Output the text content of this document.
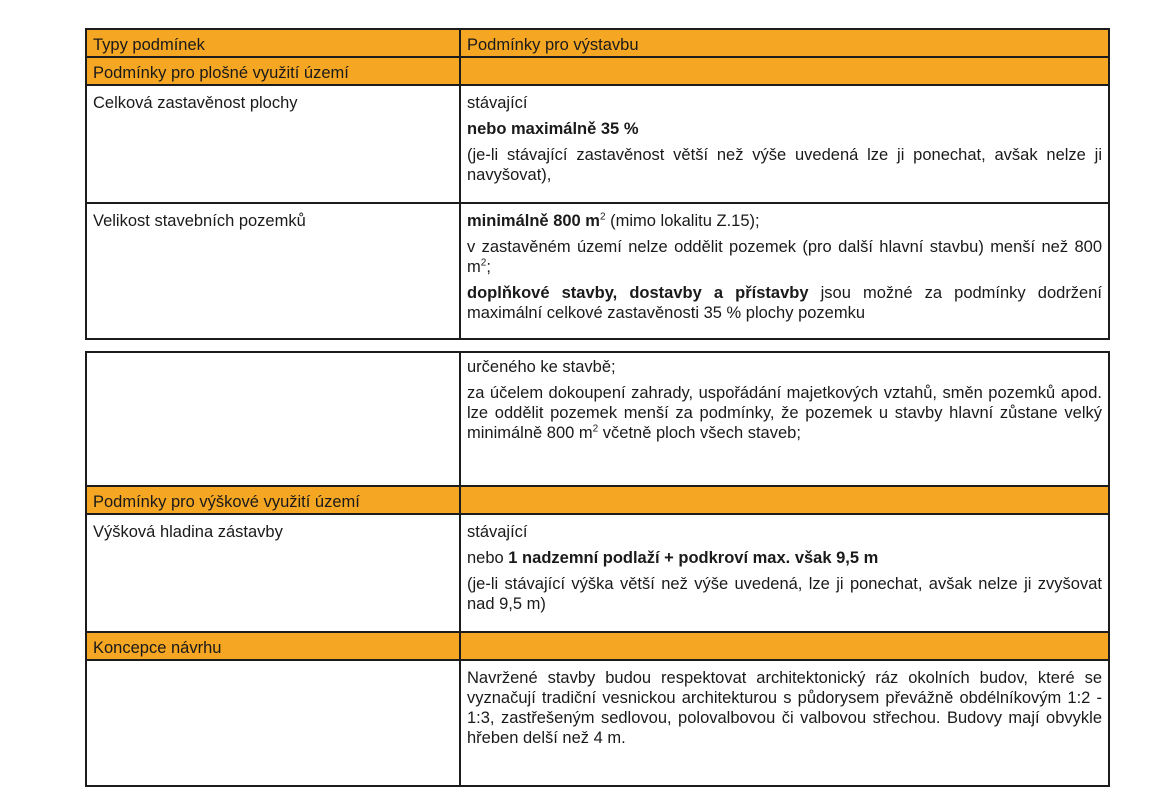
Typy podmínek	Podmínky pro výstavbu
Podmínky pro plošné využití území	
Celková zastavěnost plochy	stávající

nebo maximálně 35 %

(je-li stávající zastavěnost větší než výše uvedená lze ji ponechat, avšak nelze ji navyšovat),

Velikost stavebních pozemků	minimálně 800 $m^2$ (mimo lokalitu Z.15);

v zastavěném území nelze oddělit pozemek (pro další hlavní stavbu) menší než 800 $m^2$;

doplňkové stavby, dostavby a přístavby jsou možné za podmínky dodržení maximální celkové zastavěnosti 35 % plochy pozemku

	určeného ke stavbě;

za účelem dokoupení zahrady, uspořádání majetkových vztahů, směn pozemků apod. lze oddělit pozemek menší za podmínky, že pozemek u stavby hlavní zůstane velký minimálně 800 $m^2$ včetně ploch všech staveb;

Podmínky pro výškové využití území	
Výšková hladina zástavby	stávající

nebo 1 nadzemní podlaží + podkroví max. však 9,5 m

(je-li stávající výška větší než výše uvedená, lze ji ponechat, avšak nelze ji zvyšovat nad 9,5 m)

Koncepce návrhu	

	Navržené stavby budou respektovat architektonický ráz okolních budov, které se vyznačují tradiční vesnickou architekturou s půdorysem převážně obdélníkovým 1:2 - 1:3, zastřešeným sedlovou, polovalbovou či valbovou střechou. Budovy mají obvykle hřeben delší než 4 m.
